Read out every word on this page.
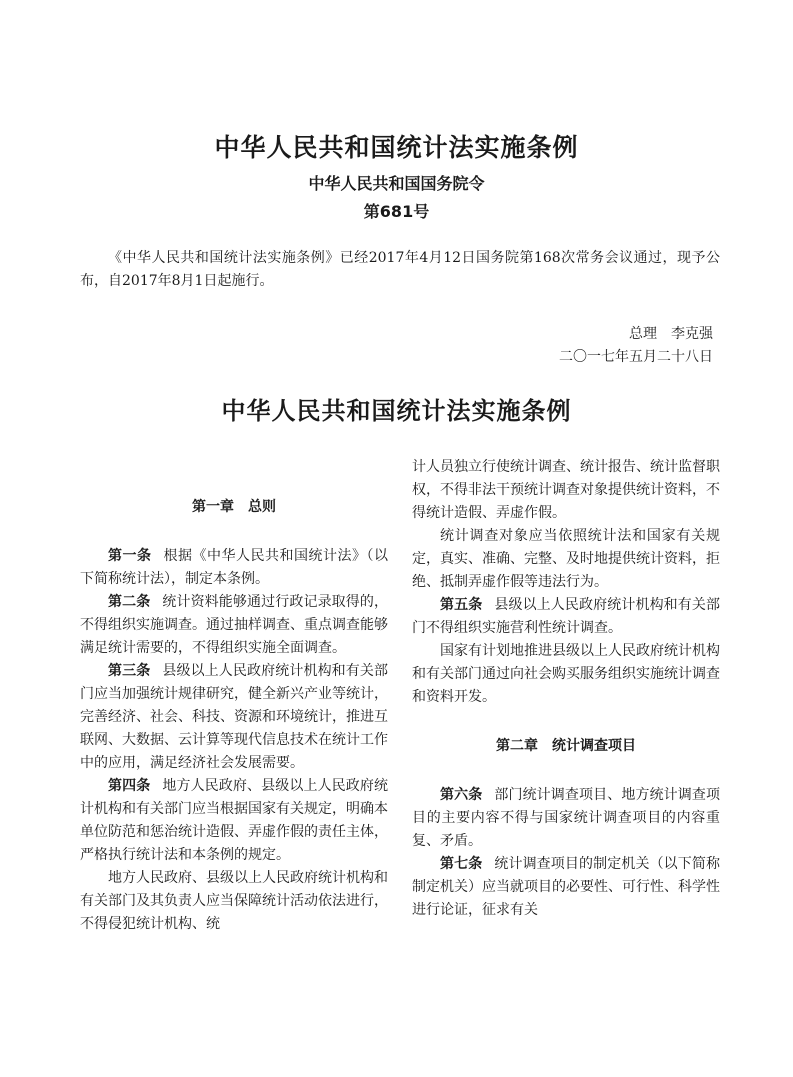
中华人民共和国统计法实施条例
中华人民共和国国务院令
第681号
《中华人民共和国统计法实施条例》已经2017年4月12日国务院第168次常务会议通过，现予公布，自2017年8月1日起施行。
总理　李克强
二〇一七年五月二十八日
中华人民共和国统计法实施条例
第一章　总则

第一条 根据《中华人民共和国统计法》（以下简称统计法），制定本条例。

第二条 统计资料能够通过行政记录取得的，不得组织实施调查。通过抽样调查、重点调查能够满足统计需要的，不得组织实施全面调查。

第三条 县级以上人民政府统计机构和有关部门应当加强统计规律研究，健全新兴产业等统计，完善经济、社会、科技、资源和环境统计，推进互联网、大数据、云计算等现代信息技术在统计工作中的应用，满足经济社会发展需要。

第四条 地方人民政府、县级以上人民政府统计机构和有关部门应当根据国家有关规定，明确本单位防范和惩治统计造假、弄虚作假的责任主体，严格执行统计法和本条例的规定。

地方人民政府、县级以上人民政府统计机构和有关部门及其负责人应当保障统计活动依法进行，不得侵犯统计机构、统

计人员独立行使统计调查、统计报告、统计监督职权，不得非法干预统计调查对象提供统计资料，不得统计造假、弄虚作假。

统计调查对象应当依照统计法和国家有关规定，真实、准确、完整、及时地提供统计资料，拒绝、抵制弄虚作假等违法行为。

第五条 县级以上人民政府统计机构和有关部门不得组织实施营利性统计调查。

国家有计划地推进县级以上人民政府统计机构和有关部门通过向社会购买服务组织实施统计调查和资料开发。

第二章　统计调查项目

第六条 部门统计调查项目、地方统计调查项目的主要内容不得与国家统计调查项目的内容重复、矛盾。

第七条 统计调查项目的制定机关（以下简称制定机关）应当就项目的必要性、可行性、科学性进行论证，征求有关
